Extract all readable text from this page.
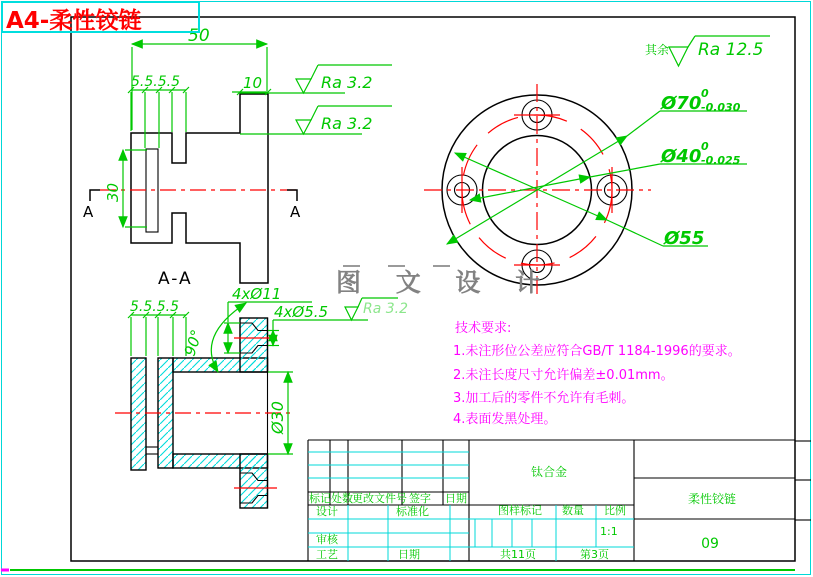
A	A
50
5.5.5.5	10
30
Ra 3.2
Ra 3.2
A-A
5.5.5.5
90°
4xØ11
4xØ5.5 Ra 3.2
Ø30
Ø70 0
-0.030
Ø40 0
-0.025
Ø55
其余 Ra 12.5
图 文 设 计
技术要求:
1.未注形位公差应符合GB/T 1184-1996的要求。
2.未注长度尺寸允许偏差±0.01mm。
3.加工后的零件不允许有毛刺。
4.表面发黑处理。
标记 处数 更改文件号 签字 日期
钛合金
设计	标准化
审核
工艺	日期
图样标记 数量 比例
1:1
共11页	第3页
柔性铰链
09
A4-柔性铰链
